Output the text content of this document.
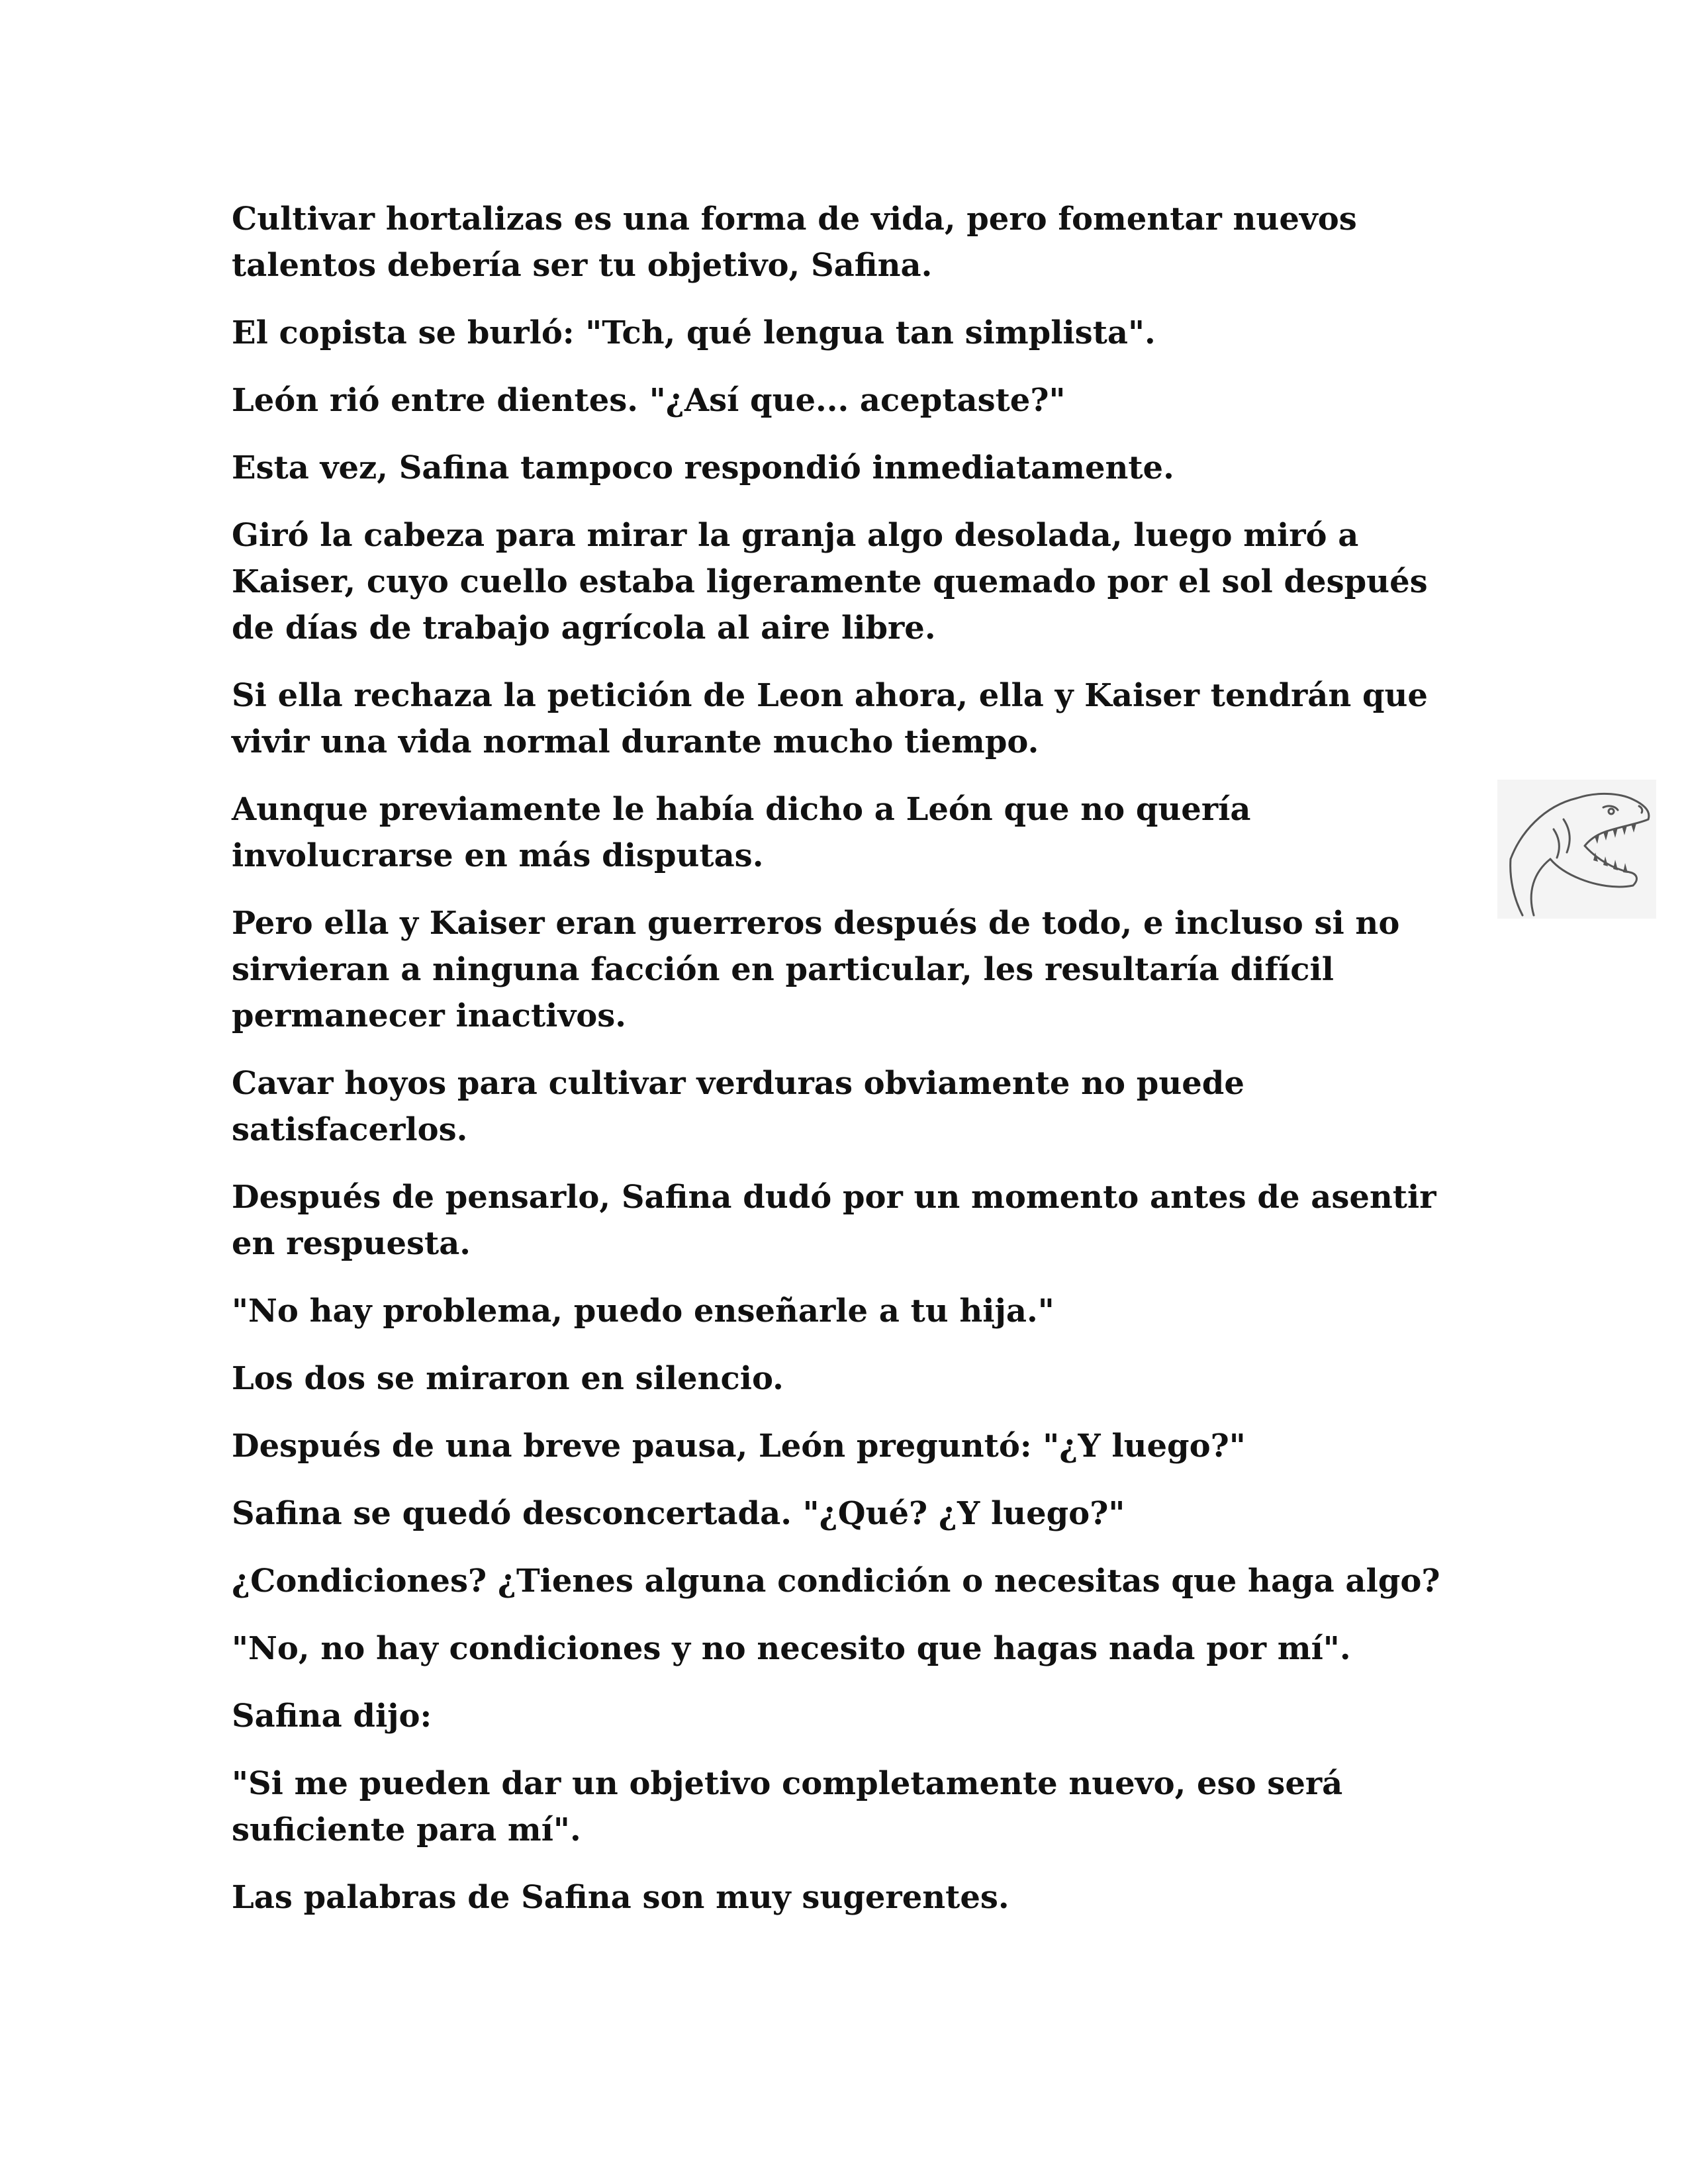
Cultivar hortalizas es una forma de vida, pero fomentar nuevos talentos debería ser tu objetivo, Safina.

El copista se burló: "Tch, qué lengua tan simplista".

León rió entre dientes. "¿Así que... aceptaste?"

Esta vez, Safina tampoco respondió inmediatamente.

Giró la cabeza para mirar la granja algo desolada, luego miró a Kaiser, cuyo cuello estaba ligeramente quemado por el sol después de días de trabajo agrícola al aire libre.

Si ella rechaza la petición de Leon ahora, ella y Kaiser tendrán que vivir una vida normal durante mucho tiempo.

Aunque previamente le había dicho a León que no quería involucrarse en más disputas.

Pero ella y Kaiser eran guerreros después de todo, e incluso si no sirvieran a ninguna facción en particular, les resultaría difícil permanecer inactivos.

Cavar hoyos para cultivar verduras obviamente no puede satisfacerlos.

Después de pensarlo, Safina dudó por un momento antes de asentir en respuesta.

"No hay problema, puedo enseñarle a tu hija."

Los dos se miraron en silencio.

Después de una breve pausa, León preguntó: "¿Y luego?"

Safina se quedó desconcertada. "¿Qué? ¿Y luego?"

¿Condiciones? ¿Tienes alguna condición o necesitas que haga algo?

"No, no hay condiciones y no necesito que hagas nada por mí".

Safina dijo:

"Si me pueden dar un objetivo completamente nuevo, eso será suficiente para mí".

Las palabras de Safina son muy sugerentes.
